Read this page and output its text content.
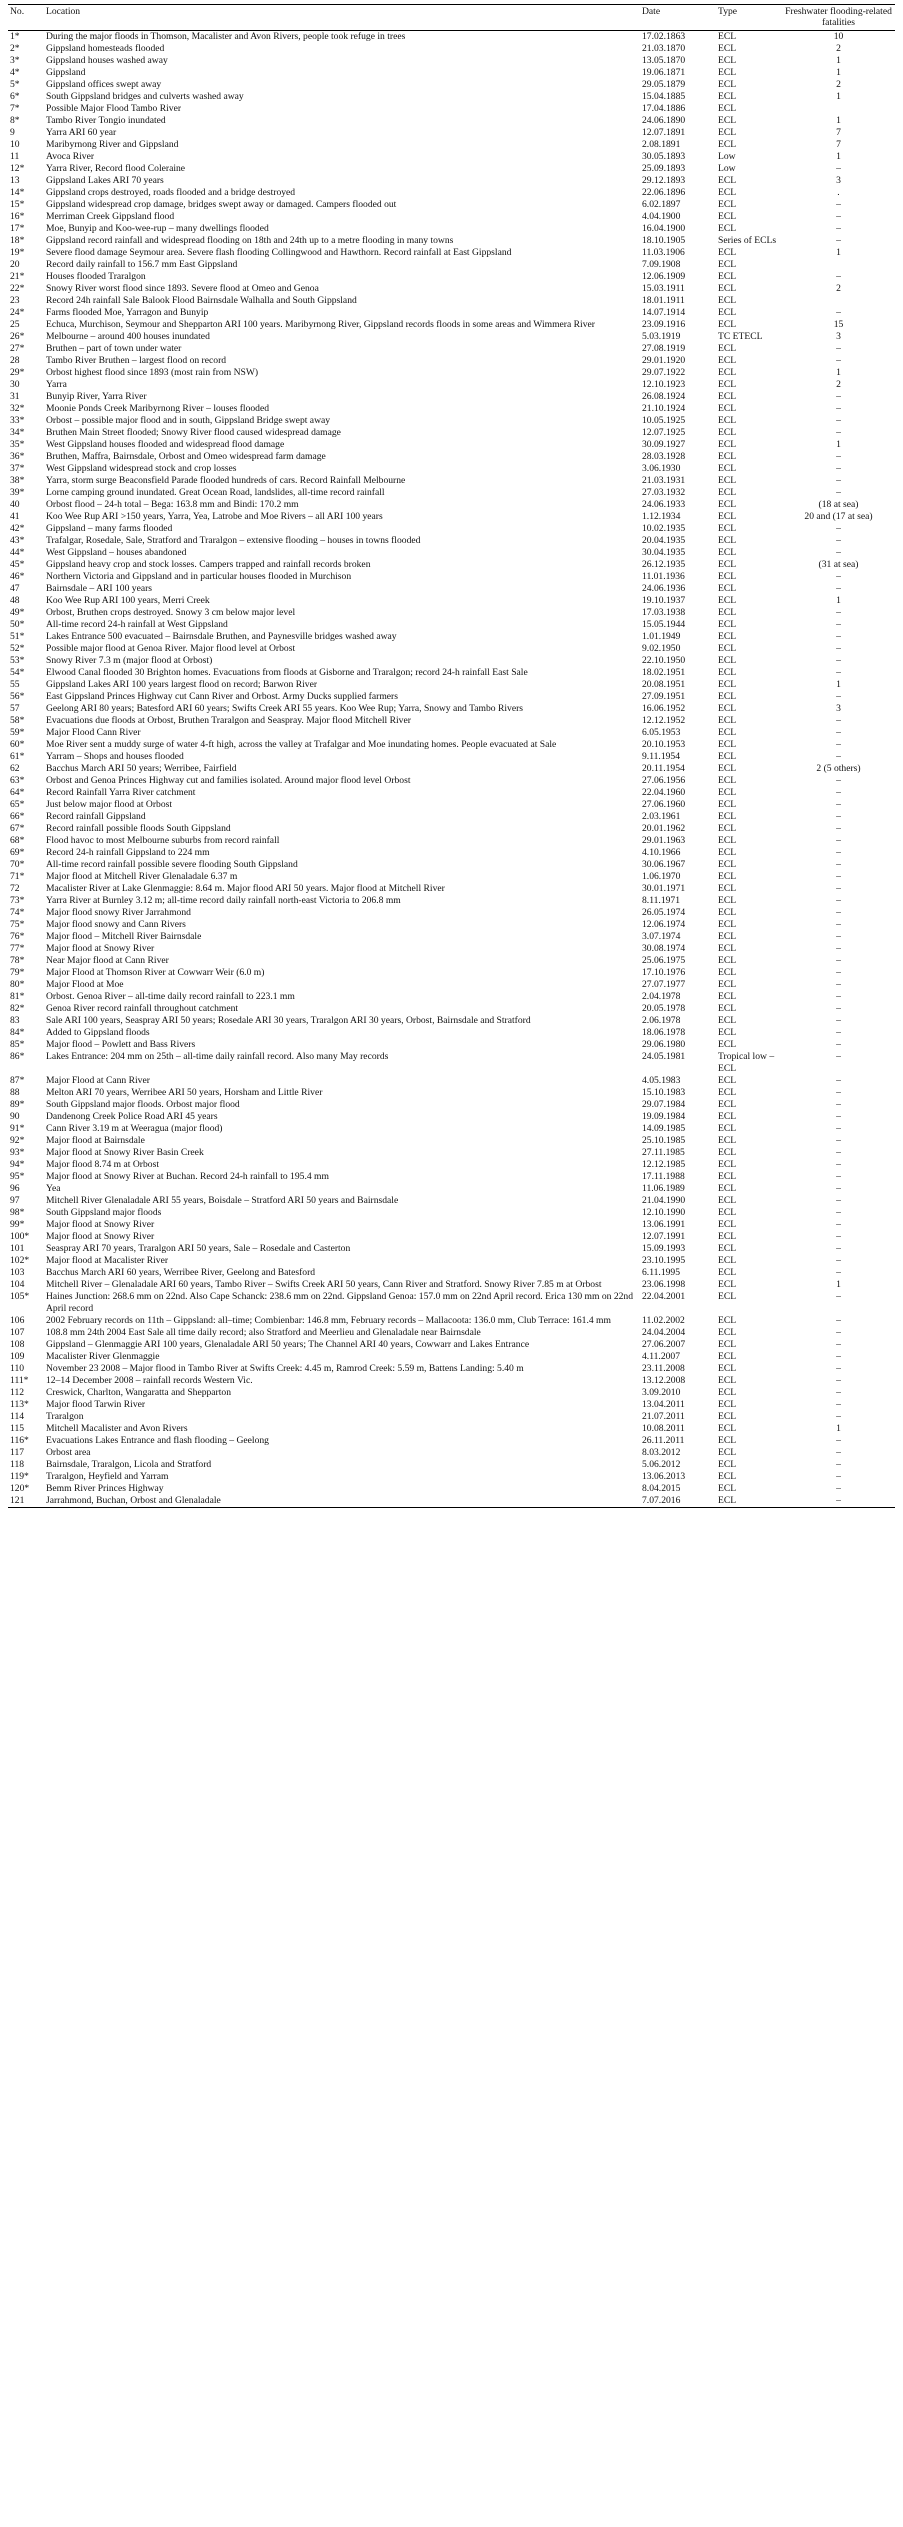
No.	Location	Date	Type	Freshwater flooding-related fatalities
1*	During the major floods in Thomson, Macalister and Avon Rivers, people took refuge in trees	17.02.1863	ECL	10
2*	Gippsland homesteads flooded	21.03.1870	ECL	2
3*	Gippsland houses washed away	13.05.1870	ECL	1
4*	Gippsland	19.06.1871	ECL	1
5*	Gippsland offices swept away	29.05.1879	ECL	2
6*	South Gippsland bridges and culverts washed away	15.04.1885	ECL	1
7*	Possible Major Flood Tambo River	17.04.1886	ECL	
8*	Tambo River Tongio inundated	24.06.1890	ECL	1
9	Yarra ARI 60 year	12.07.1891	ECL	7
10	Maribyrnong River and Gippsland	2.08.1891	ECL	7
11	Avoca River	30.05.1893	Low	1
12*	Yarra River, Record flood Coleraine	25.09.1893	Low	–
13	Gippsland Lakes ARI 70 years	29.12.1893	ECL	3
14*	Gippsland crops destroyed, roads flooded and a bridge destroyed	22.06.1896	ECL	.
15*	Gippsland widespread crop damage, bridges swept away or damaged. Campers flooded out	6.02.1897	ECL	–
16*	Merriman Creek Gippsland flood	4.04.1900	ECL	–
17*	Moe, Bunyip and Koo-wee-rup – many dwellings flooded	16.04.1900	ECL	–
18*	Gippsland record rainfall and widespread flooding on 18th and 24th up to a metre flooding in many towns	18.10.1905	Series of ECLs	–
19*	Severe flood damage Seymour area. Severe flash flooding Collingwood and Hawthorn. Record rainfall at East Gippsland	11.03.1906	ECL	1
20	Record daily rainfall to 156.7 mm East Gippsland	7.09.1908	ECL	
21*	Houses flooded Traralgon	12.06.1909	ECL	–
22*	Snowy River worst flood since 1893. Severe flood at Omeo and Genoa	15.03.1911	ECL	2
23	Record 24h rainfall Sale Balook Flood Bairnsdale Walhalla and South Gippsland	18.01.1911	ECL	
24*	Farms flooded Moe, Yarragon and Bunyip	14.07.1914	ECL	–
25	Echuca, Murchison, Seymour and Shepparton ARI 100 years. Maribyrnong River, Gippsland records floods in some areas and Wimmera River	23.09.1916	ECL	15
26*	Melbourne – around 400 houses inundated	5.03.1919	TC ETECL	3
27*	Bruthen – part of town under water	27.08.1919	ECL	–
28	Tambo River Bruthen – largest flood on record	29.01.1920	ECL	–
29*	Orbost highest flood since 1893 (most rain from NSW)	29.07.1922	ECL	1
30	Yarra	12.10.1923	ECL	2
31	Bunyip River, Yarra River	26.08.1924	ECL	–
32*	Moonie Ponds Creek Maribyrnong River – louses flooded	21.10.1924	ECL	–
33*	Orbost – possible major flood and in south, Gippsland Bridge swept away	10.05.1925	ECL	–
34*	Bruthen Main Street flooded; Snowy River flood caused widespread damage	12.07.1925	ECL	–
35*	West Gippsland houses flooded and widespread flood damage	30.09.1927	ECL	1
36*	Bruthen, Maffra, Bairnsdale, Orbost and Omeo widespread farm damage	28.03.1928	ECL	–
37*	West Gippsland widespread stock and crop losses	3.06.1930	ECL	–
38*	Yarra, storm surge Beaconsfield Parade flooded hundreds of cars. Record Rainfall Melbourne	21.03.1931	ECL	–
39*	Lorne camping ground inundated. Great Ocean Road, landslides, all-time record rainfall	27.03.1932	ECL	–
40	Orbost flood – 24-h total – Bega: 163.8 mm and Bindi: 170.2 mm	24.06.1933	ECL	(18 at sea)
41	Koo Wee Rup ARI >150 years, Yarra, Yea, Latrobe and Moe Rivers – all ARI 100 years	1.12.1934	ECL	20 and (17 at sea)
42*	Gippsland – many farms flooded	10.02.1935	ECL	–
43*	Trafalgar, Rosedale, Sale, Stratford and Traralgon – extensive flooding – houses in towns flooded	20.04.1935	ECL	–
44*	West Gippsland – houses abandoned	30.04.1935	ECL	–
45*	Gippsland heavy crop and stock losses. Campers trapped and rainfall records broken	26.12.1935	ECL	(31 at sea)
46*	Northern Victoria and Gippsland and in particular houses flooded in Murchison	11.01.1936	ECL	–
47	Bairnsdale – ARI 100 years	24.06.1936	ECL	–
48	Koo Wee Rup ARI 100 years, Merri Creek	19.10.1937	ECL	1
49*	Orbost, Bruthen crops destroyed. Snowy 3 cm below major level	17.03.1938	ECL	–
50*	All-time record 24-h rainfall at West Gippsland	15.05.1944	ECL	–
51*	Lakes Entrance 500 evacuated – Bairnsdale Bruthen, and Paynesville bridges washed away	1.01.1949	ECL	–
52*	Possible major flood at Genoa River. Major flood level at Orbost	9.02.1950	ECL	–
53*	Snowy River 7.3 m (major flood at Orbost)	22.10.1950	ECL	–
54*	Elwood Canal flooded 30 Brighton homes. Evacuations from floods at Gisborne and Traralgon; record 24-h rainfall East Sale	18.02.1951	ECL	–
55	Gippsland Lakes ARI 100 years largest flood on record; Barwon River	20.08.1951	ECL	1
56*	East Gippsland Princes Highway cut Cann River and Orbost. Army Ducks supplied farmers	27.09.1951	ECL	–
57	Geelong ARI 80 years; Batesford ARI 60 years; Swifts Creek ARI 55 years. Koo Wee Rup; Yarra, Snowy and Tambo Rivers	16.06.1952	ECL	3
58*	Evacuations due floods at Orbost, Bruthen Traralgon and Seaspray. Major flood Mitchell River	12.12.1952	ECL	–
59*	Major Flood Cann River	6.05.1953	ECL	–
60*	Moe River sent a muddy surge of water 4-ft high, across the valley at Trafalgar and Moe inundating homes. People evacuated at Sale	20.10.1953	ECL	–
61*	Yarram – Shops and houses flooded	9.11.1954	ECL	–
62	Bacchus March ARI 50 years; Werribee, Fairfield	20.11.1954	ECL	2 (5 others)
63*	Orbost and Genoa Princes Highway cut and families isolated. Around major flood level Orbost	27.06.1956	ECL	–
64*	Record Rainfall Yarra River catchment	22.04.1960	ECL	–
65*	Just below major flood at Orbost	27.06.1960	ECL	–
66*	Record rainfall Gippsland	2.03.1961	ECL	–
67*	Record rainfall possible floods South Gippsland	20.01.1962	ECL	–
68*	Flood havoc to most Melbourne suburbs from record rainfall	29.01.1963	ECL	–
69*	Record 24-h rainfall Gippsland to 224 mm	4.10.1966	ECL	–
70*	All-time record rainfall possible severe flooding South Gippsland	30.06.1967	ECL	–
71*	Major flood at Mitchell River Glenaladale 6.37 m	1.06.1970	ECL	–
72	Macalister River at Lake Glenmaggie: 8.64 m. Major flood ARI 50 years. Major flood at Mitchell River	30.01.1971	ECL	–
73*	Yarra River at Burnley 3.12 m; all-time record daily rainfall north-east Victoria to 206.8 mm	8.11.1971	ECL	–
74*	Major flood snowy River Jarrahmond	26.05.1974	ECL	–
75*	Major flood snowy and Cann Rivers	12.06.1974	ECL	–
76*	Major flood – Mitchell River Bairnsdale	3.07.1974	ECL	–
77*	Major flood at Snowy River	30.08.1974	ECL	–
78*	Near Major flood at Cann River	25.06.1975	ECL	–
79*	Major Flood at Thomson River at Cowwarr Weir (6.0 m)	17.10.1976	ECL	–
80*	Major Flood at Moe	27.07.1977	ECL	–
81*	Orbost. Genoa River – all-time daily record rainfall to 223.1 mm	2.04.1978	ECL	–
82*	Genoa River record rainfall throughout catchment	20.05.1978	ECL	–
83	Sale ARI 100 years, Seaspray ARI 50 years; Rosedale ARI 30 years, Traralgon ARI 30 years, Orbost, Bairnsdale and Stratford	2.06.1978	ECL	–
84*	Added to Gippsland floods	18.06.1978	ECL	–
85*	Major flood – Powlett and Bass Rivers	29.06.1980	ECL	–
86*	Lakes Entrance: 204 mm on 25th – all-time daily rainfall record. Also many May records	24.05.1981	Tropical low – ECL	–
87*	Major Flood at Cann River	4.05.1983	ECL	–
88	Melton ARI 70 years, Werribee ARI 50 years, Horsham and Little River	15.10.1983	ECL	–
89*	South Gippsland major floods. Orbost major flood	29.07.1984	ECL	–
90	Dandenong Creek Police Road ARI 45 years	19.09.1984	ECL	–
91*	Cann River 3.19 m at Weeragua (major flood)	14.09.1985	ECL	–
92*	Major flood at Bairnsdale	25.10.1985	ECL	–
93*	Major flood at Snowy River Basin Creek	27.11.1985	ECL	–
94*	Major flood 8.74 m at Orbost	12.12.1985	ECL	–
95*	Major flood at Snowy River at Buchan. Record 24-h rainfall to 195.4 mm	17.11.1988	ECL	–
96	Yea	11.06.1989	ECL	–
97	Mitchell River Glenaladale ARI 55 years, Boisdale – Stratford ARI 50 years and Bairnsdale	21.04.1990	ECL	–
98*	South Gippsland major floods	12.10.1990	ECL	–
99*	Major flood at Snowy River	13.06.1991	ECL	–
100*	Major flood at Snowy River	12.07.1991	ECL	–
101	Seaspray ARI 70 years, Traralgon ARI 50 years, Sale – Rosedale and Casterton	15.09.1993	ECL	–
102*	Major flood at Macalister River	23.10.1995	ECL	–
103	Bacchus March ARI 60 years, Werribee River, Geelong and Batesford	6.11.1995	ECL	–
104	Mitchell River – Glenaladale ARI 60 years, Tambo River – Swifts Creek ARI 50 years, Cann River and Stratford. Snowy River 7.85 m at Orbost	23.06.1998	ECL	1
105*	Haines Junction: 268.6 mm on 22nd. Also Cape Schanck: 238.6 mm on 22nd. Gippsland Genoa: 157.0 mm on 22nd April record. Erica 130 mm on 22nd April record	22.04.2001	ECL	–
106	2002 February records on 11th – Gippsland: all–time; Combienbar: 146.8 mm, February records – Mallacoota: 136.0 mm, Club Terrace: 161.4 mm	11.02.2002	ECL	–
107	108.8 mm 24th 2004 East Sale all time daily record; also Stratford and Meerlieu and Glenaladale near Bairnsdale	24.04.2004	ECL	–
108	Gippsland – Glenmaggie ARI 100 years, Glenaladale ARI 50 years; The Channel ARI 40 years, Cowwarr and Lakes Entrance	27.06.2007	ECL	–
109	Macalister River Glenmaggie	4.11.2007	ECL	–
110	November 23 2008 – Major flood in Tambo River at Swifts Creek: 4.45 m, Ramrod Creek: 5.59 m, Battens Landing: 5.40 m	23.11.2008	ECL	–
111*	12–14 December 2008 – rainfall records Western Vic.	13.12.2008	ECL	–
112	Creswick, Charlton, Wangaratta and Shepparton	3.09.2010	ECL	–
113*	Major flood Tarwin River	13.04.2011	ECL	–
114	Traralgon	21.07.2011	ECL	–
115	Mitchell Macalister and Avon Rivers	10.08.2011	ECL	1
116*	Evacuations Lakes Entrance and flash flooding – Geelong	26.11.2011	ECL	–
117	Orbost area	8.03.2012	ECL	–
118	Bairnsdale, Traralgon, Licola and Stratford	5.06.2012	ECL	–
119*	Traralgon, Heyfield and Yarram	13.06.2013	ECL	–
120*	Bemm River Princes Highway	8.04.2015	ECL	–
121	Jarrahmond, Buchan, Orbost and Glenaladale	7.07.2016	ECL	–
